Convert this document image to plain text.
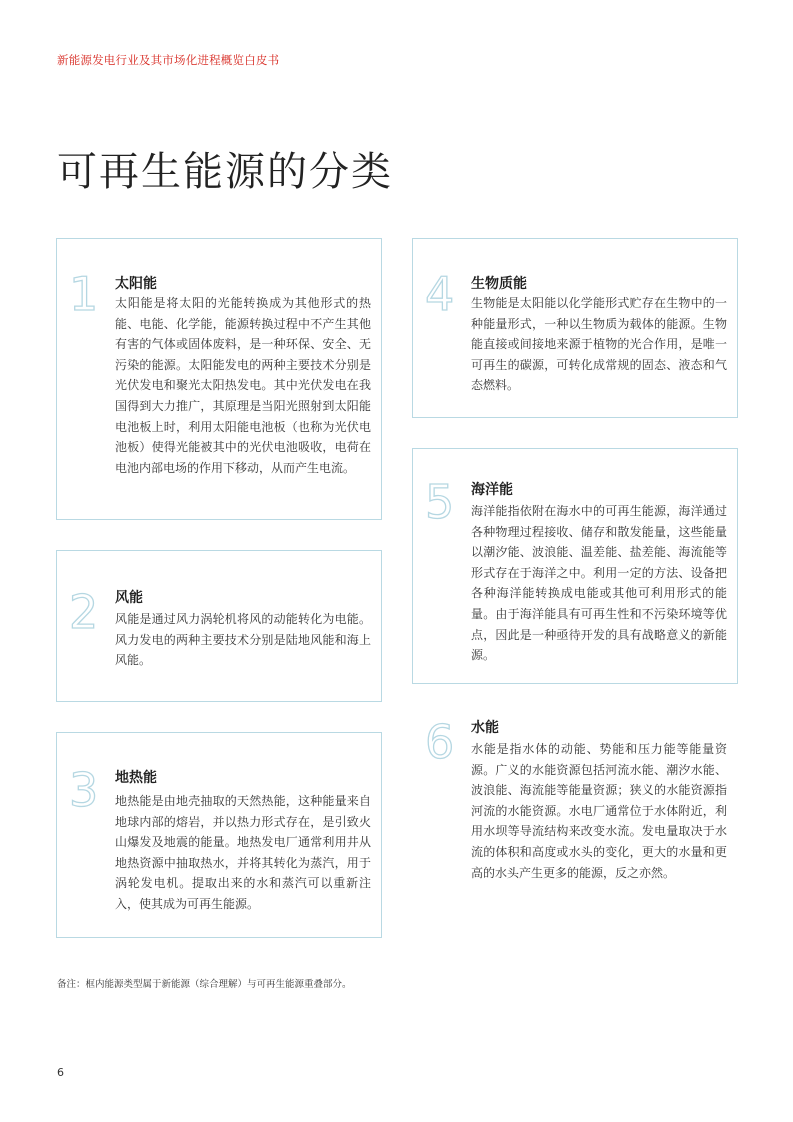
新能源发电行业及其市场化进程概览白皮书
可再生能源的分类
1 太阳能

太阳能是将太阳的光能转换成为其他形式的热能、电能、化学能，能源转换过程中不产生其他有害的气体或固体废料，是一种环保、安全、无污染的能源。太阳能发电的两种主要技术分别是光伏发电和聚光太阳热发电。其中光伏发电在我国得到大力推广，其原理是当阳光照射到太阳能电池板上时，利用太阳能电池板（也称为光伏电池板）使得光能被其中的光伏电池吸收，电荷在电池内部电场的作用下移动，从而产生电流。

2 风能

风能是通过风力涡轮机将风的动能转化为电能。风力发电的两种主要技术分别是陆地风能和海上风能。

3 地热能

地热能是由地壳抽取的天然热能，这种能量来自地球内部的熔岩，并以热力形式存在，是引致火山爆发及地震的能量。地热发电厂通常利用井从地热资源中抽取热水，并将其转化为蒸汽，用于涡轮发电机。提取出来的水和蒸汽可以重新注入，使其成为可再生能源。

4 生物质能

生物能是太阳能以化学能形式贮存在生物中的一种能量形式，一种以生物质为载体的能源。生物能直接或间接地来源于植物的光合作用，是唯一可再生的碳源，可转化成常规的固态、液态和气态燃料。

5 海洋能

海洋能指依附在海水中的可再生能源，海洋通过各种物理过程接收、储存和散发能量，这些能量以潮汐能、波浪能、温差能、盐差能、海流能等形式存在于海洋之中。利用一定的方法、设备把各种海洋能转换成电能或其他可利用形式的能量。由于海洋能具有可再生性和不污染环境等优点，因此是一种亟待开发的具有战略意义的新能源。

6 水能

水能是指水体的动能、势能和压力能等能量资源。广义的水能资源包括河流水能、潮汐水能、波浪能、海流能等能量资源；狭义的水能资源指河流的水能资源。水电厂通常位于水体附近，利用水坝等导流结构来改变水流。发电量取决于水流的体积和高度或水头的变化，更大的水量和更高的水头产生更多的能源，反之亦然。

备注：框内能源类型属于新能源（综合理解）与可再生能源重叠部分。
6
